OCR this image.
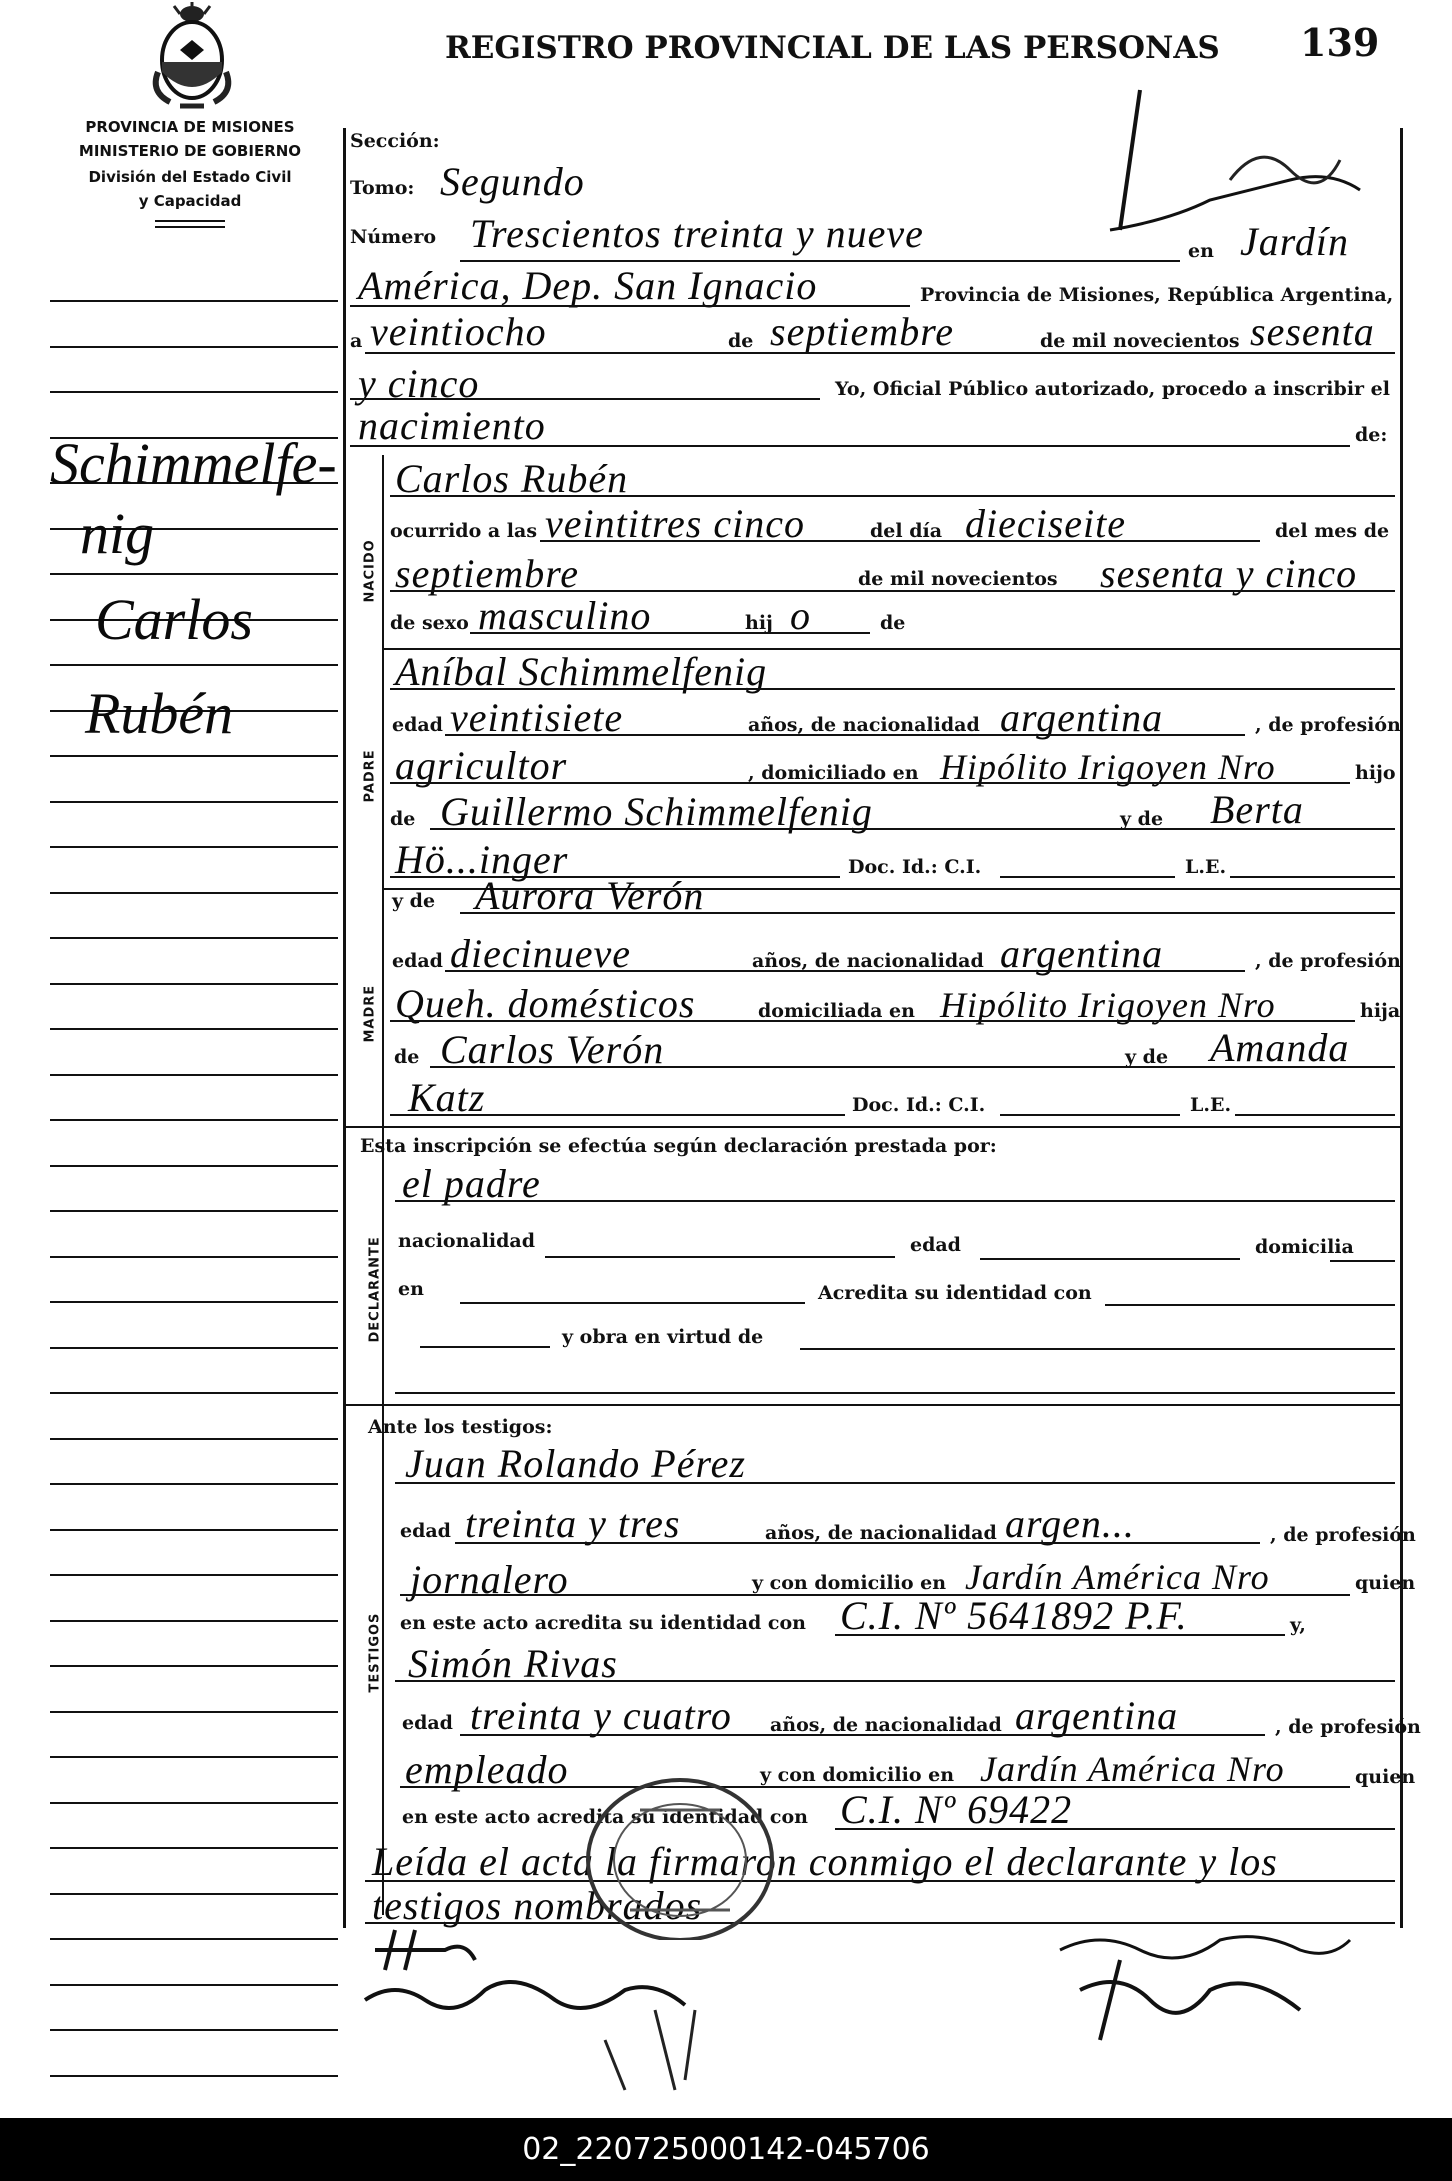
PROVINCIA DE MISIONES
MINISTERIO DE GOBIERNO
División del Estado Civil
y Capacidad
Schimmelfe-
nig
Carlos
Rubén
REGISTRO PROVINCIAL DE LAS PERSONAS 139
Sección:
Tomo: Segundo
Número Trescientos treinta y nueve	en Jardín
América, Dep. San Ignacio	Provincia de Misiones, República Argentina,
a veintiocho	de septiembre	de mil novecientos sesenta
y cinco	Yo, Oficial Público autorizado, procedo a inscribir el
nacimiento	de:
NACIDO
Carlos Rubén
ocurrido a las veintitres cinco	del día dieciseite	del mes de
septiembre	de mil novecientos sesenta y cinco
de sexo masculino	hij o	de
PADRE
Aníbal Schimmelfenig
edad veintisiete	años, de nacionalidad argentina	, de profesión
agricultor	, domiciliado en Hipólito Irigoyen Nro	hijo
de Guillermo Schimmelfenig	y de Berta
Hö...inger	Doc. Id.: C.I.	L.E.
MADRE
y de Aurora Verón
edad diecinueve	años, de nacionalidad argentina	, de profesión
Queh. domésticos	domiciliada en Hipólito Irigoyen Nro	hija
de Carlos Verón	y de Amanda
Katz	Doc. Id.: C.I.	L.E.
Esta inscripción se efectúa según declaración prestada por:
DECLARANTE
el padre
nacionalidad	edad	domicilia
en	Acredita su identidad con
y obra en virtud de
Ante los testigos:
TESTIGOS
Juan Rolando Pérez
edad treinta y tres	años, de nacionalidad argen...	, de profesión
jornalero	y con domicilio en Jardín América Nro	quien
en este acto acredita su identidad con C.I. Nº 5641892 P.F.	y,
Simón Rivas
edad treinta y cuatro años, de nacionalidad argentina	, de profesión
empleado	y con domicilio en Jardín América Nro	quien
en este acto acredita su identidad con C.I. Nº 69422
Leída el acta la firmaron conmigo el declarante y los
testigos nombrados
02_220725000142-045706
